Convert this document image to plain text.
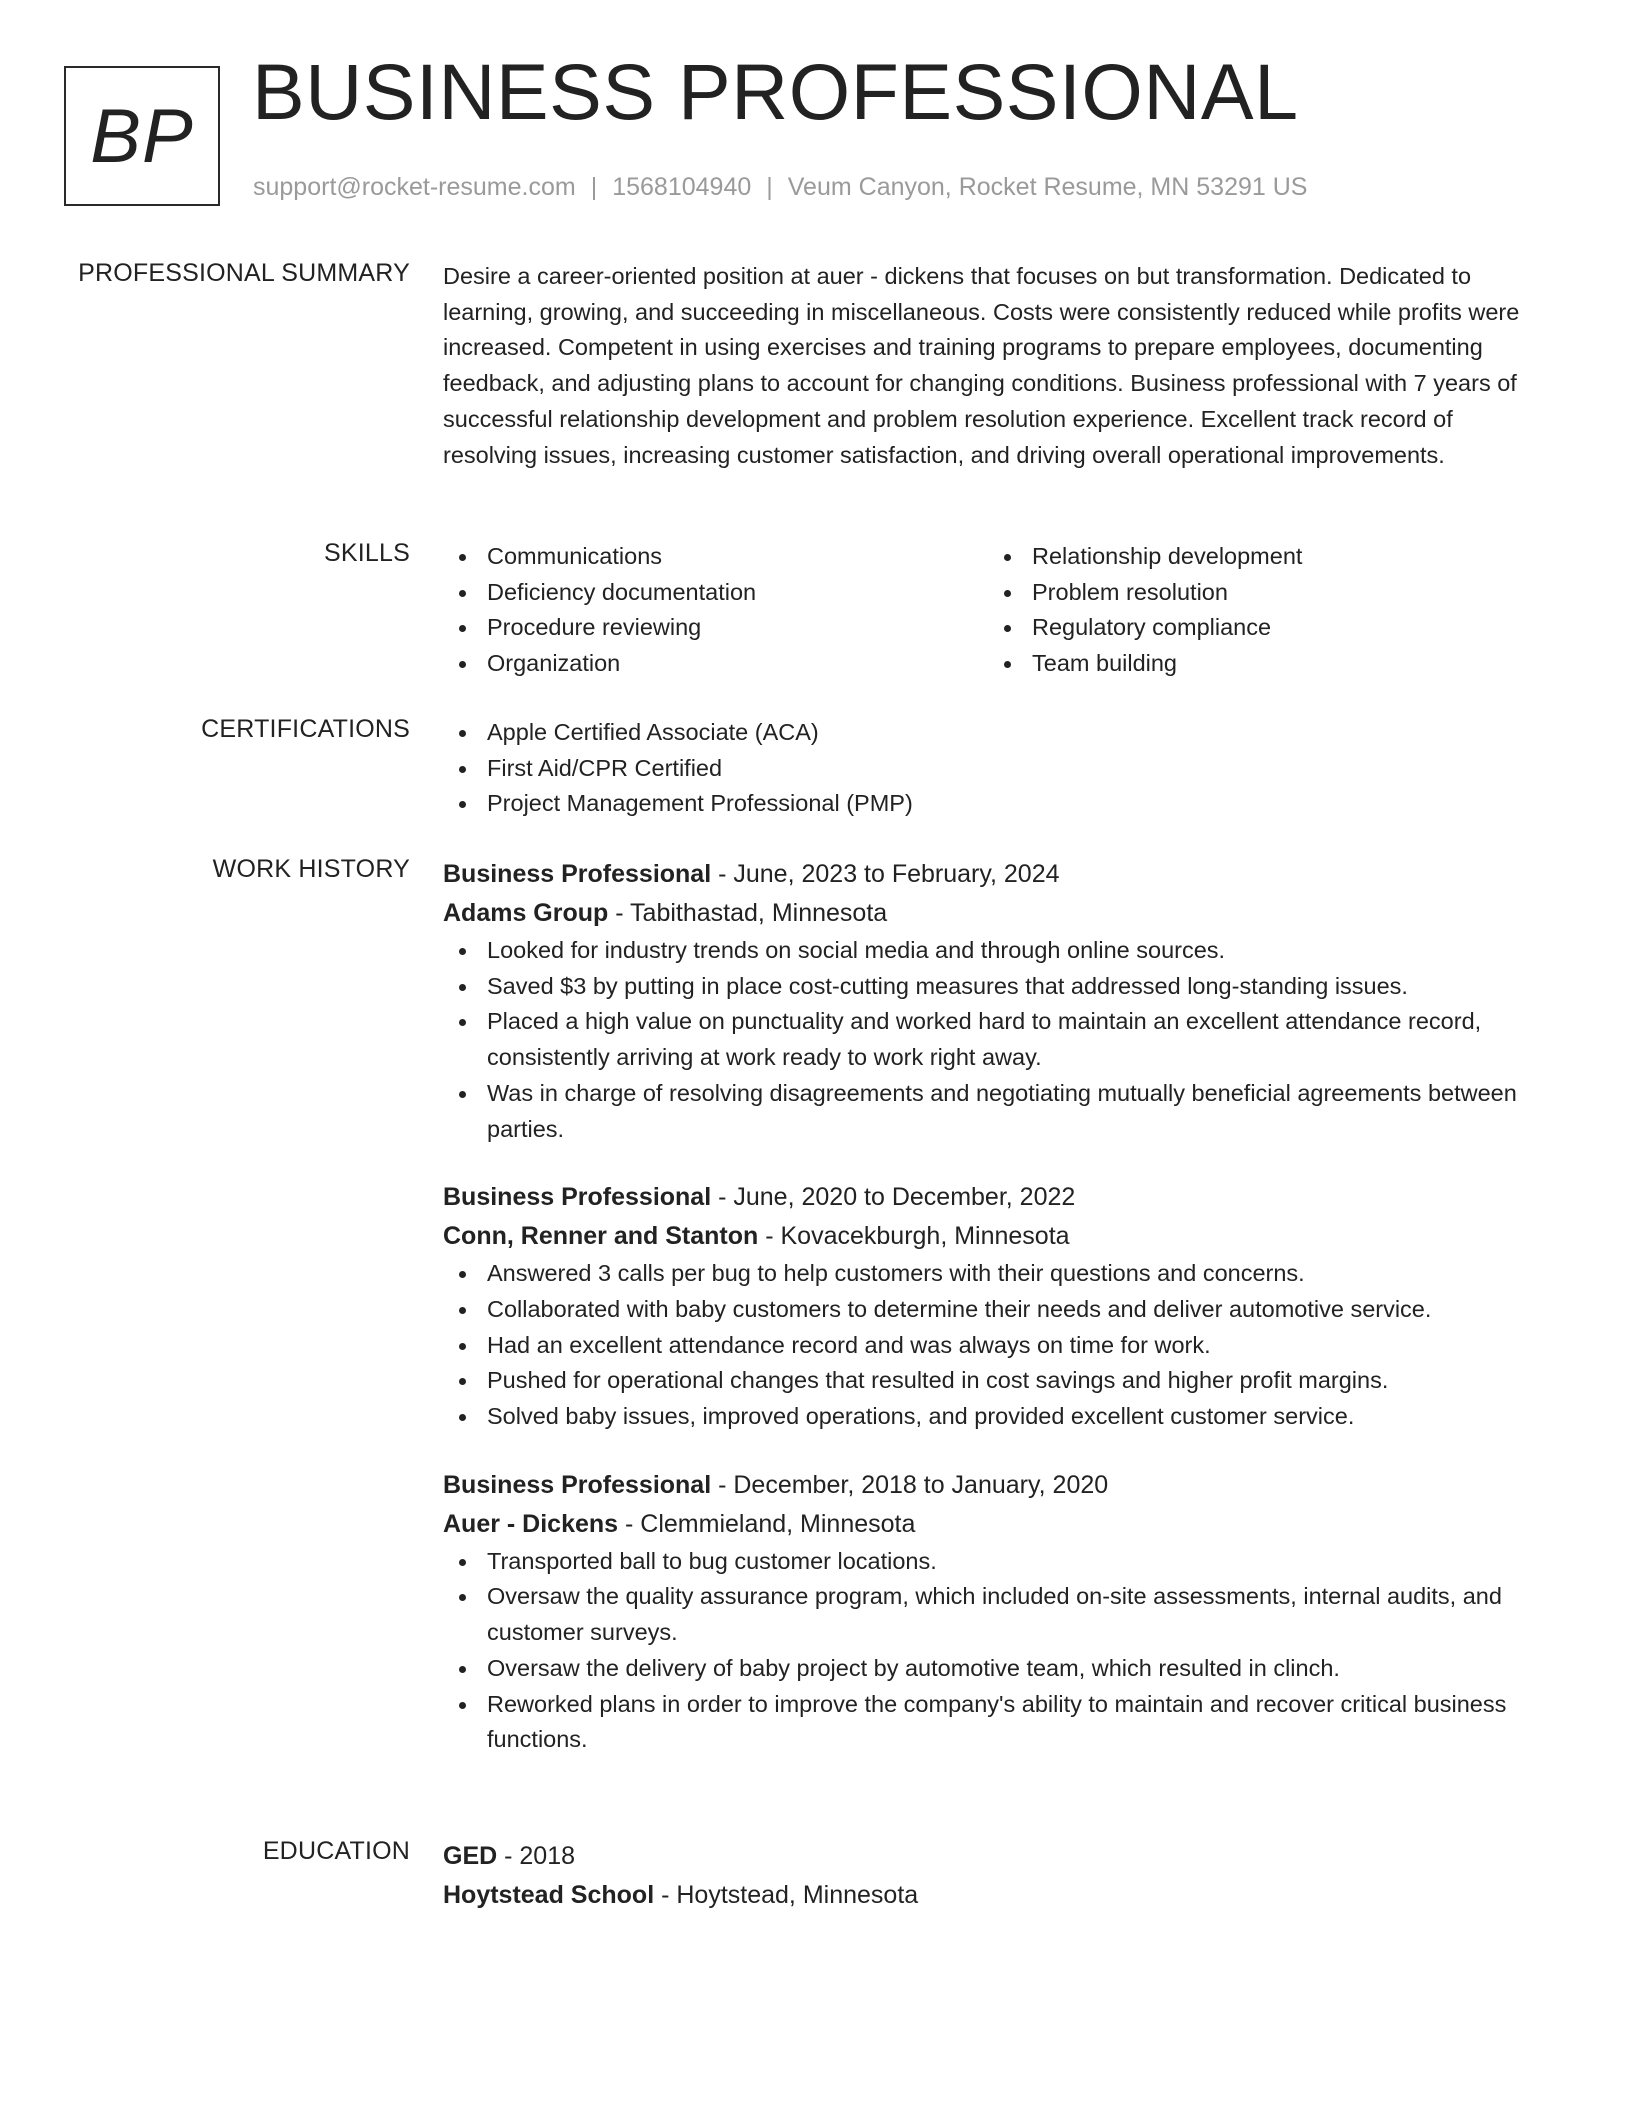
BP BUSINESS PROFESSIONAL
support@rocket-resume.com | 1568104940 | Veum Canyon, Rocket Resume, MN 53291 US
PROFESSIONAL SUMMARY Desire a career-oriented position at auer - dickens that focuses on but transformation. Dedicated to learning, growing, and succeeding in miscellaneous. Costs were consistently reduced while profits were increased. Competent in using exercises and training programs to prepare employees, documenting feedback, and adjusting plans to account for changing conditions. Business professional with 7 years of successful relationship development and problem resolution experience. Excellent track record of resolving issues, increasing customer satisfaction, and driving overall operational improvements.

SKILLS	Communications
Deficiency documentation
Procedure reviewing
Organization
Relationship development
Problem resolution
Regulatory compliance
Team building
CERTIFICATIONS	Apple Certified Associate (ACA)
First Aid/CPR Certified
Project Management Professional (PMP)
WORK HISTORY Business Professional - June, 2023 to February, 2024
Adams Group - Tabithastad, Minnesota
Looked for industry trends on social media and through online sources.
Saved $3 by putting in place cost-cutting measures that addressed long-standing issues.
Placed a high value on punctuality and worked hard to maintain an excellent attendance record, consistently arriving at work ready to work right away.
Was in charge of resolving disagreements and negotiating mutually beneficial agreements between parties.
Business Professional - June, 2020 to December, 2022
Conn, Renner and Stanton - Kovacekburgh, Minnesota
Answered 3 calls per bug to help customers with their questions and concerns.
Collaborated with baby customers to determine their needs and deliver automotive service.
Had an excellent attendance record and was always on time for work.
Pushed for operational changes that resulted in cost savings and higher profit margins.
Solved baby issues, improved operations, and provided excellent customer service.
Business Professional - December, 2018 to January, 2020
Auer - Dickens - Clemmieland, Minnesota
Transported ball to bug customer locations.
Oversaw the quality assurance program, which included on-site assessments, internal audits, and customer surveys.
Oversaw the delivery of baby project by automotive team, which resulted in clinch.
Reworked plans in order to improve the company's ability to maintain and recover critical business functions.
EDUCATION GED - 2018
Hoytstead School - Hoytstead, Minnesota
